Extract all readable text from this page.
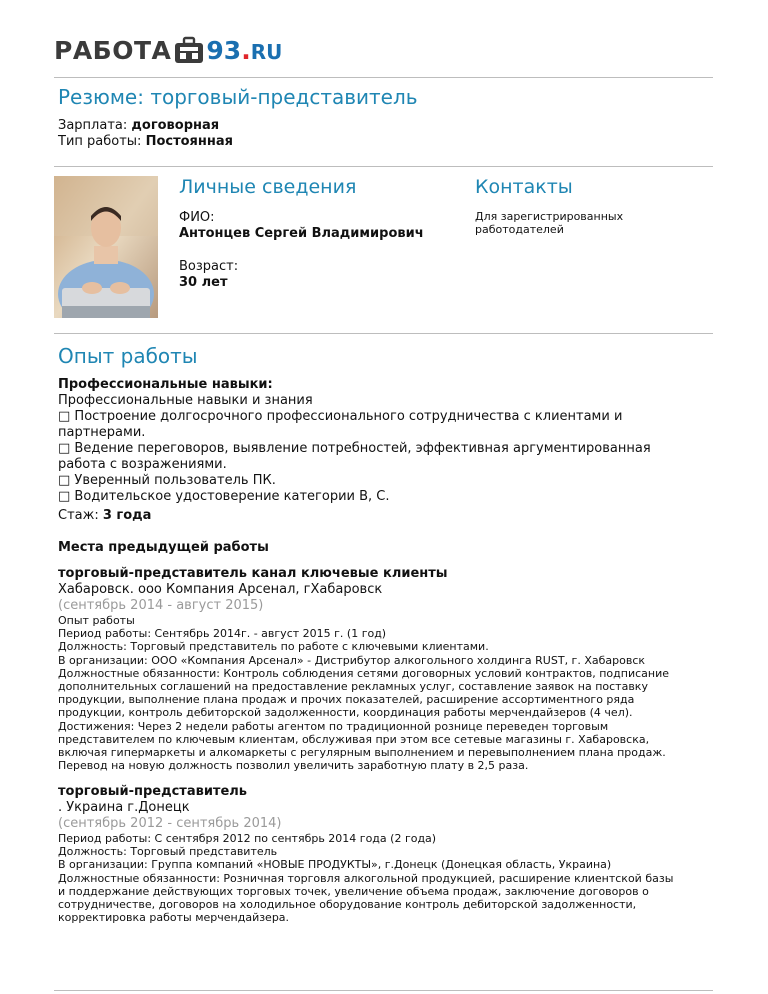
РАБОТА 93 . RU
Резюме: торговый-представитель
Зарплата: договорная
Тип работы: Постоянная
Личные сведения
ФИО:
Антонцев Сергей Владимирович
Возраст:
30 лет
Контакты
Для зарегистрированных
работодателей
Опыт работы
Профессиональные навыки:
Профессиональные навыки и знания
□ Построение долгосрочного профессионального сотрудничества с клиентами и
партнерами.
□ Ведение переговоров, выявление потребностей, эффективная аргументированная
работа с возражениями.
□ Уверенный пользователь ПК.
□ Водительское удостоверение категории В, С.
Стаж: 3 года
Места предыдущей работы
торговый-представитель канал ключевые клиенты
Хабаровск. ооо Компания Арсенал, гХабаровск
(сентябрь 2014 - август 2015)
Опыт работы
Период работы: Сентябрь 2014г. - август 2015 г. (1 год)
Должность: Торговый представитель по работе с ключевыми клиентами.
В организации: ООО «Компания Арсенал» - Дистрибутор алкогольного холдинга RUST, г. Хабаровск
Должностные обязанности: Контроль соблюдения сетями договорных условий контрактов, подписание
дополнительных соглашений на предоставление рекламных услуг, составление заявок на поставку
продукции, выполнение плана продаж и прочих показателей, расширение ассортиментного ряда
продукции, контроль дебиторской задолженности, координация работы мерчендайзеров (4 чел).
Достижения: Через 2 недели работы агентом по традиционной рознице переведен торговым
представителем по ключевым клиентам, обслуживая при этом все сетевые магазины г. Хабаровска,
включая гипермаркеты и алкомаркеты с регулярным выполнением и перевыполнением плана продаж.
Перевод на новую должность позволил увеличить заработную плату в 2,5 раза.
торговый-представитель
. Украина г.Донецк
(сентябрь 2012 - сентябрь 2014)
Период работы: С сентября 2012 по сентябрь 2014 года (2 года)
Должность: Торговый представитель
В организации: Группа компаний «НОВЫЕ ПРОДУКТЫ», г.Донецк (Донецкая область, Украина)
Должностные обязанности: Розничная торговля алкогольной продукцией, расширение клиентской базы
и поддержание действующих торговых точек, увеличение объема продаж, заключение договоров о
сотрудничестве, договоров на холодильное оборудование контроль дебиторской задолженности,
корректировка работы мерчендайзера.
